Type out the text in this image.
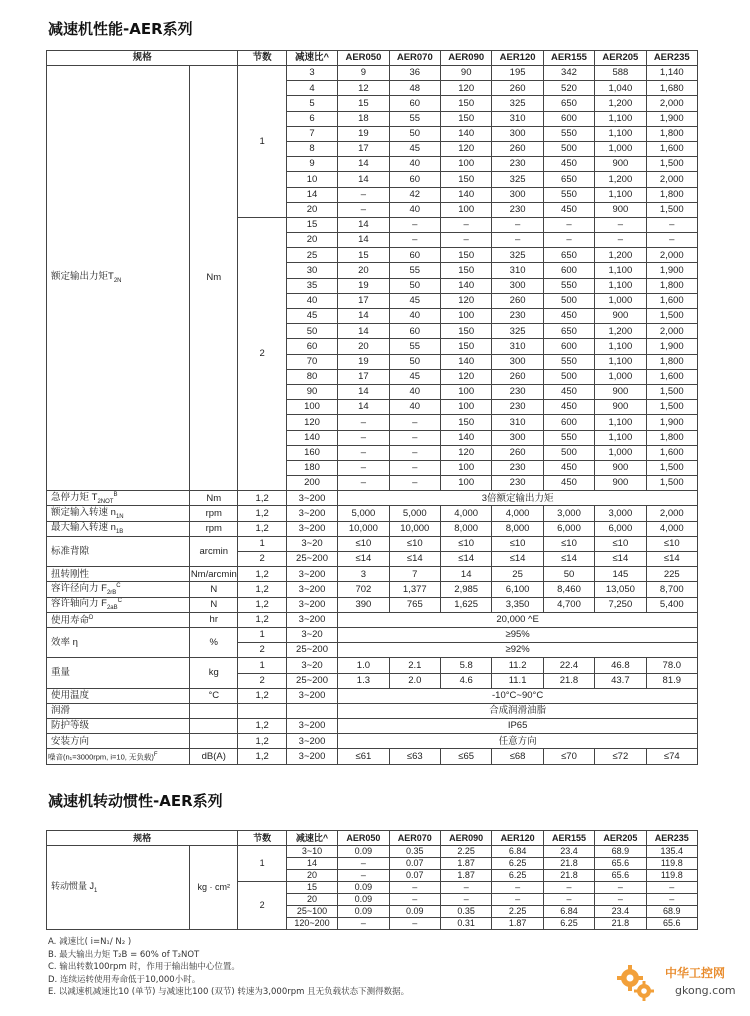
减速机性能-AER系列
规格		节数	减速比^	AER050	AER070	AER090	AER120	AER155	AER205	AER235
额定输出力矩$T_{2N}$	Nm	1	3	9	36	90	195	342	588	1,140
			4	12	48	120	260	520	1,040	1,680
			5	15	60	150	325	650	1,200	2,000
			6	18	55	150	310	600	1,100	1,900
			7	19	50	140	300	550	1,100	1,800
			8	17	45	120	260	500	1,000	1,600
			9	14	40	100	230	450	900	1,500
			10	14	60	150	325	650	1,200	2,000
			14	–	42	140	300	550	1,100	1,800
			20	–	40	100	230	450	900	1,500
		2	15	14	–	–	–	–	–	–
			20	14	–	–	–	–	–	–
			25	15	60	150	325	650	1,200	2,000
			30	20	55	150	310	600	1,100	1,900
			35	19	50	140	300	550	1,100	1,800
			40	17	45	120	260	500	1,000	1,600
			45	14	40	100	230	450	900	1,500
			50	14	60	150	325	650	1,200	2,000
			60	20	55	150	310	600	1,100	1,900
			70	19	50	140	300	550	1,100	1,800
			80	17	45	120	260	500	1,000	1,600
			90	14	40	100	230	450	900	1,500
			100	14	40	100	230	450	900	1,500
			120	–	–	150	310	600	1,100	1,900
			140	–	–	140	300	550	1,100	1,800
			160	–	–	120	260	500	1,000	1,600
			180	–	–	100	230	450	900	1,500
			200	–	–	100	230	450	900	1,500
急停力矩 $T_{2NOT}^B$	Nm	1,2	3~200	3倍额定输出力矩						
额定输入转速 $n_{1N}$	rpm	1,2	3~200	5,000	5,000	4,000	4,000	3,000	3,000	2,000
最大输入转速 $n_{1B}$	rpm	1,2	3~200	10,000	10,000	8,000	8,000	6,000	6,000	4,000
标准背隙	arcmin	1	3~20	≤10	≤10	≤10	≤10	≤10	≤10	≤10
		2	25~200	≤14	≤14	≤14	≤14	≤14	≤14	≤14
扭转刚性	Nm/arcmin	1,2	3~200	3	7	14	25	50	145	225
容许径向力 $F_{2rB}^C$	N	1,2	3~200	702	1,377	2,985	6,100	8,460	13,050	8,700
容许轴向力 $F_{2aB}^C$	N	1,2	3~200	390	765	1,625	3,350	4,700	7,250	5,400
使用寿命$^D$	hr	1,2	3~200	20,000 ^E						
效率 η	%	1	3~20	≥95%						
		2	25~200	≥92%						
重量	kg	1	3~20	1.0	2.1	5.8	11.2	22.4	46.8	78.0
		2	25~200	1.3	2.0	4.6	11.1	21.8	43.7	81.9
使用温度	°C	1,2	3~200	-10°C~90°C						
润滑				合成润滑油脂						
防护等级		1,2	3~200	IP65						
安装方向		1,2	3~200	任意方向						
噪音(n₁=3000rpm, i=10, 无负载)$^F$	dB(A)	1,2	3~200	≤61	≤63	≤65	≤68	≤70	≤72	≤74
减速机转动惯性-AER系列
规格		节数	减速比^	AER050	AER070	AER090	AER120	AER155	AER205	AER235
转动惯量 $J_1$	kg · cm²	1	3~10	0.09	0.35	2.25	6.84	23.4	68.9	135.4
			14	–	0.07	1.87	6.25	21.8	65.6	119.8
			20	–	0.07	1.87	6.25	21.8	65.6	119.8
		2	15	0.09	–	–	–	–	–	–
			20	0.09	–	–	–	–	–	–
			25~100	0.09	0.09	0.35	2.25	6.84	23.4	68.9
			120~200	–	–	0.31	1.87	6.25	21.8	65.6
A. 减速比( i=N₁/ N₂ )
B. 最大输出力矩 T₂B = 60% of T₂NOT
C. 输出转数100rpm 时，作用于输出轴中心位置。
D. 连续运转使用寿命低于10,000小时。
E. 以减速机减速比10 (单节) 与减速比100 (双节) 转速为3,000rpm 且无负载状态下测得数据。
中华工控网
gkong.com
